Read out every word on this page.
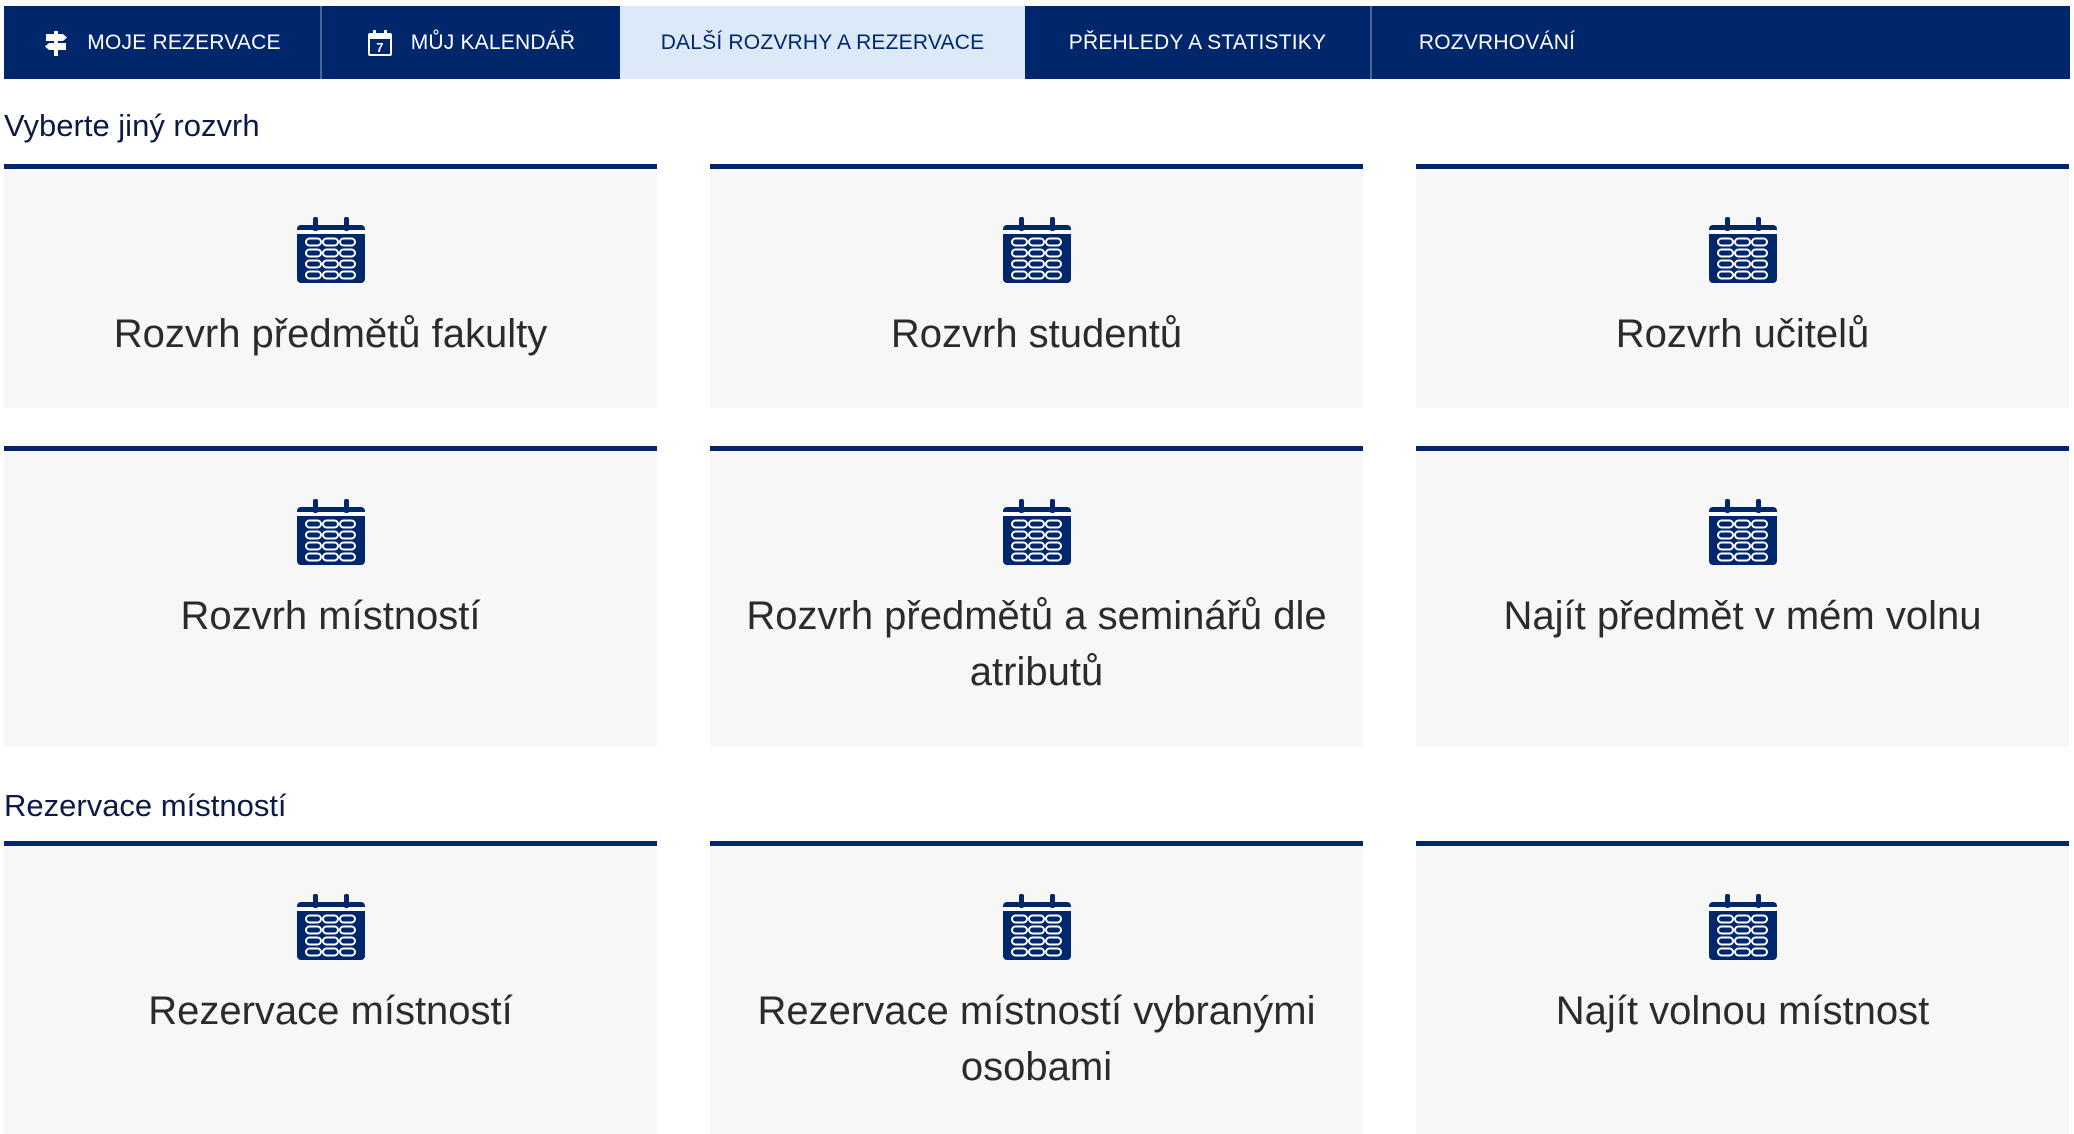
MOJE REZERVACE	7 MŮJ KALENDÁŘ	DALŠÍ ROZVRHY A REZERVACE	PŘEHLEDY A STATISTIKY	ROZVRHOVÁNÍ
Vyberte jiný rozvrh
Rozvrh předmětů fakulty	Rozvrh studentů	Rozvrh učitelů
Rozvrh místností	Rozvrh předmětů a seminářů dle atributů
Najít předmět v mém volnu
Rezervace místností
Rezervace místností	Rezervace místností vybranými osobami
Najít volnou místnost
